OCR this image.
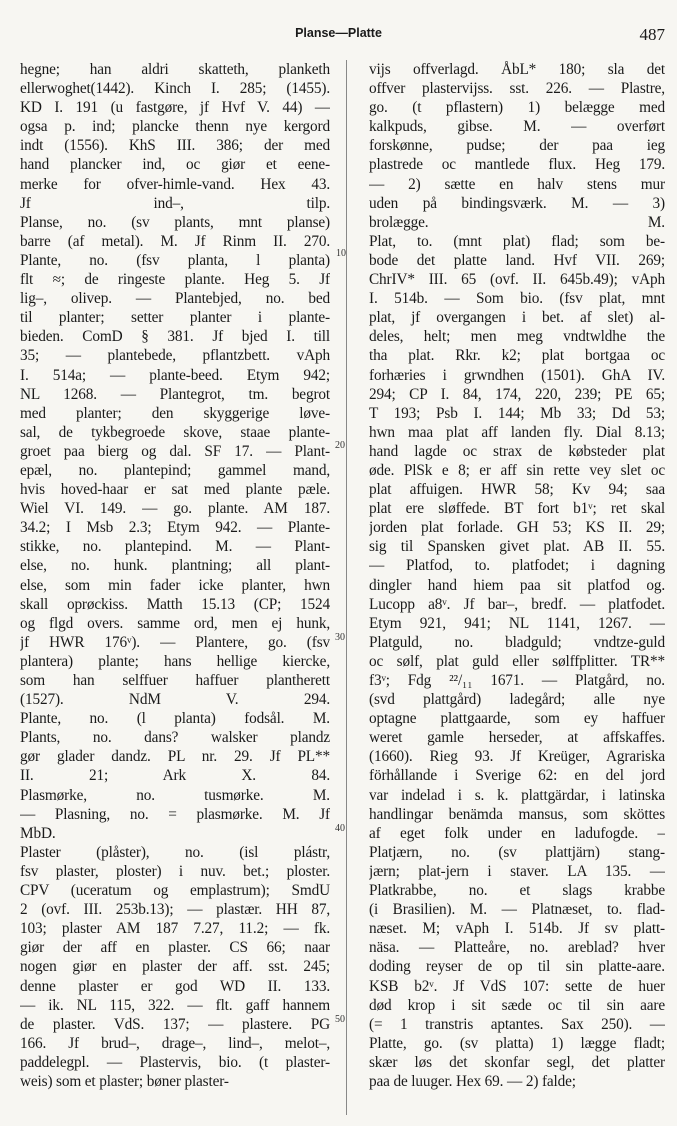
Planse—Platte	487
hegne; han aldri skatteth, planketh
ellerwoghet(1442). Kinch I. 285; (1455).
KD I. 191 (u fastgøre, jf Hvf V. 44) —
ogsa p. ind; plancke thenn nye kergord
indt (1556). KhS III. 386; der med
hand plancker ind, oc giør et eene-
merke for ofver-himle-vand. Hex 43.
Jf ind–, tilp.
Planse, no. (sv plants, mnt planse)
barre (af metal). M. Jf Rinm II. 270.
Plante, no. (fsv planta, l planta)
flt ≈; de ringeste plante. Heg 5. Jf
lig–, olivep. — Plantebjed, no. bed
til planter; setter planter i plante-
bieden. ComD § 381. Jf bjed I. till
35; — plantebede, pflantzbett. vAph
I. 514a; — plante-beed. Etym 942;
NL 1268. — Plantegrot, tm. begrot
med planter; den skyggerige løve-
sal, de tykbegroede skove, staae plante-
groet paa bierg og dal. SF 17. — Plant-
epæl, no. plantepind; gammel mand,
hvis hoved-haar er sat med plante pæle.
Wiel VI. 149. — go. plante. AM 187.
34.2; I Msb 2.3; Etym 942. — Plante-
stikke, no. plantepind. M. — Plant-
else, no. hunk. plantning; all plant-
else, som min fader icke planter, hwn
skall oprøckiss. Matth 15.13 (CP; 1524
og flgd overs. samme ord, men ej hunk,
jf HWR 176ᵛ). — Plantere, go. (fsv
plantera) plante; hans hellige kiercke,
som han selffuer haffuer plantherett
(1527). NdM V. 294.
Plante, no. (l planta) fodsål. M.
Plants, no. dans? walsker plandz
gør glader dandz. PL nr. 29. Jf PL**
II. 21; Ark X. 84.
Plasmørke, no. tusmørke. M.
— Plasning, no. = plasmørke. M. Jf
MbD.
Plaster (plåster), no. (isl plástr,
fsv plaster, ploster) i nuv. bet.; ploster.
CPV (uceratum og emplastrum); SmdU
2 (ovf. III. 253b.13); — plastær. HH 87,
103; plaster AM 187 7.27, 11.2; — fk.
giør der aff en plaster. CS 66; naar
nogen giør en plaster der aff. sst. 245;
denne plaster er god WD II. 133.
— ik. NL 115, 322. — flt. gaff hannem
de plaster. VdS. 137; — plastere. PG
166. Jf brud–, drage–, lind–, melot–,
paddelegpl. — Plastervis, bio. (t plaster-
weis) som et plaster; bøner plaster-
vijs offverlagd. ÅbL* 180; sla det
offver plastervijss. sst. 226. — Plastre,
go. (t pflastern) 1) belægge med
kalkpuds, gibse. M. — overført
forskønne, pudse; der paa ieg
plastrede oc mantlede flux. Heg 179.
— 2) sætte en halv stens mur
uden på bindingsværk. M. — 3)
brolægge. M.
Plat, to. (mnt plat) flad; som be-
bode det platte land. Hvf VII. 269;
ChrIV* III. 65 (ovf. II. 645b.49); vAph
I. 514b. — Som bio. (fsv plat, mnt
plat, jf overgangen i bet. af slet) al-
deles, helt; men meg vndtwldhe the
tha plat. Rkr. k2; plat bortgaa oc
forhæries i grwndhen (1501). GhA IV.
294; CP I. 84, 174, 220, 239; PE 65;
T 193; Psb I. 144; Mb 33; Dd 53;
hwn maa plat aff landen fly. Dial 8.13;
hand lagde oc strax de købsteder plat
øde. PlSk e 8; er aff sin rette vey slet oc
plat affuigen. HWR 58; Kv 94; saa
plat ere sløffede. BT fort b1ᵛ; ret skal
jorden plat forlade. GH 53; KS II. 29;
sig til Spansken givet plat. AB II. 55.
— Platfod, to. platfodet; i dagning
dingler hand hiem paa sit platfod og.
Lucopp a8ᵛ. Jf bar–, bredf. — platfodet.
Etym 921, 941; NL 1141, 1267. —
Platguld, no. bladguld; vndtze-guld
oc sølf, plat guld eller sølffplitter. TR**
f3ᵛ; Fdg ²²/₁₁ 1671. — Platgård, no.
(svd plattgård) ladegård; alle nye
optagne plattgaarde, som ey haffuer
weret gamle herseder, at affskaffes.
(1660). Rieg 93. Jf Kreüger, Agrariska
förhållande i Sverige 62: en del jord
var indelad i s. k. plattgärdar, i latinska
handlingar benämda mansus, som sköttes
af eget folk under en ladufogde. –
Platjærn, no. (sv plattjärn) stang-
jærn; plat-jern i staver. LA 135. —
Platkrabbe, no. et slags krabbe
(i Brasilien). M. — Platnæset, to. flad-
næset. M; vAph I. 514b. Jf sv platt-
näsa. — Platteåre, no. areblad? hver
doding reyser de op til sin platte-aare.
KSB b2ᵛ. Jf VdS 107: sette de huer
død krop i sit sæde oc til sin aare
(= 1 transtris aptantes. Sax 250). —
Platte, go. (sv platta) 1) lægge fladt;
skær løs det skonfar segl, det platter
paa de luuger. Hex 69. — 2) falde;
10
20
30
40
50
